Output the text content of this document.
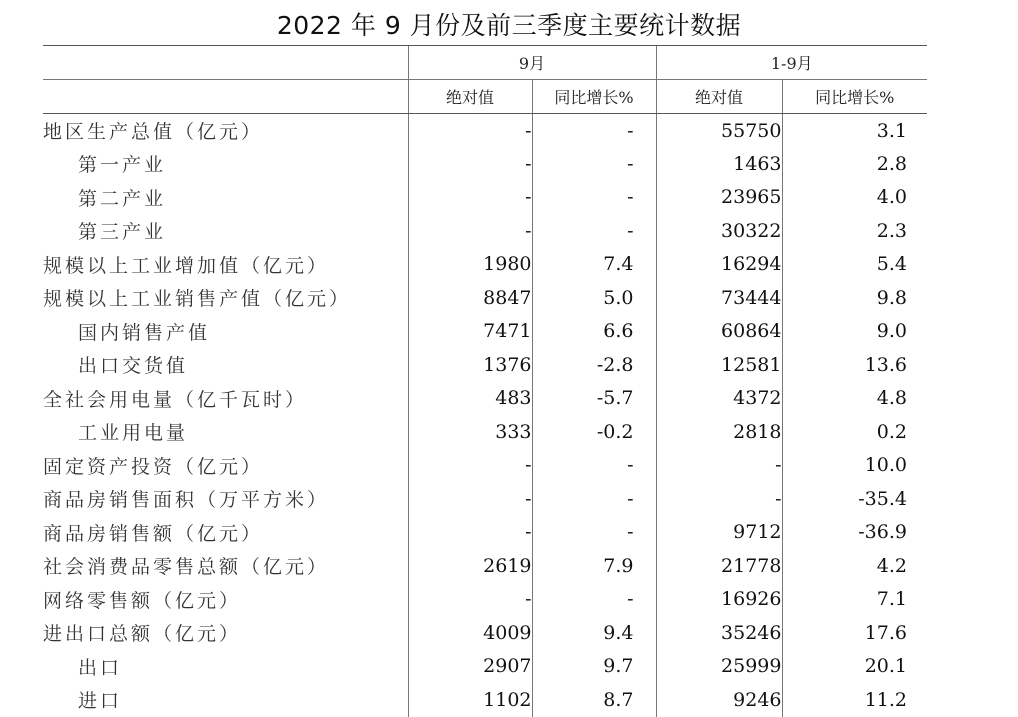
2022 年 9 月份及前三季度主要统计数据
	9月		1-9月	
	绝对值	同比增长%	绝对值	同比增长%
地区生产总值（亿元）	-	-	55750	3.1
第一产业	-	-	1463	2.8
第二产业	-	-	23965	4.0
第三产业	-	-	30322	2.3
规模以上工业增加值（亿元）	1980	7.4	16294	5.4
规模以上工业销售产值（亿元）	8847	5.0	73444	9.8
国内销售产值	7471	6.6	60864	9.0
出口交货值	1376	-2.8	12581	13.6
全社会用电量（亿千瓦时）	483	-5.7	4372	4.8
工业用电量	333	-0.2	2818	0.2
固定资产投资（亿元）	-	-	-	10.0
商品房销售面积（万平方米）	-	-	-	-35.4
商品房销售额（亿元）	-	-	9712	-36.9
社会消费品零售总额（亿元）	2619	7.9	21778	4.2
网络零售额（亿元）	-	-	16926	7.1
进出口总额（亿元）	4009	9.4	35246	17.6
出口	2907	9.7	25999	20.1
进口	1102	8.7	9246	11.2
